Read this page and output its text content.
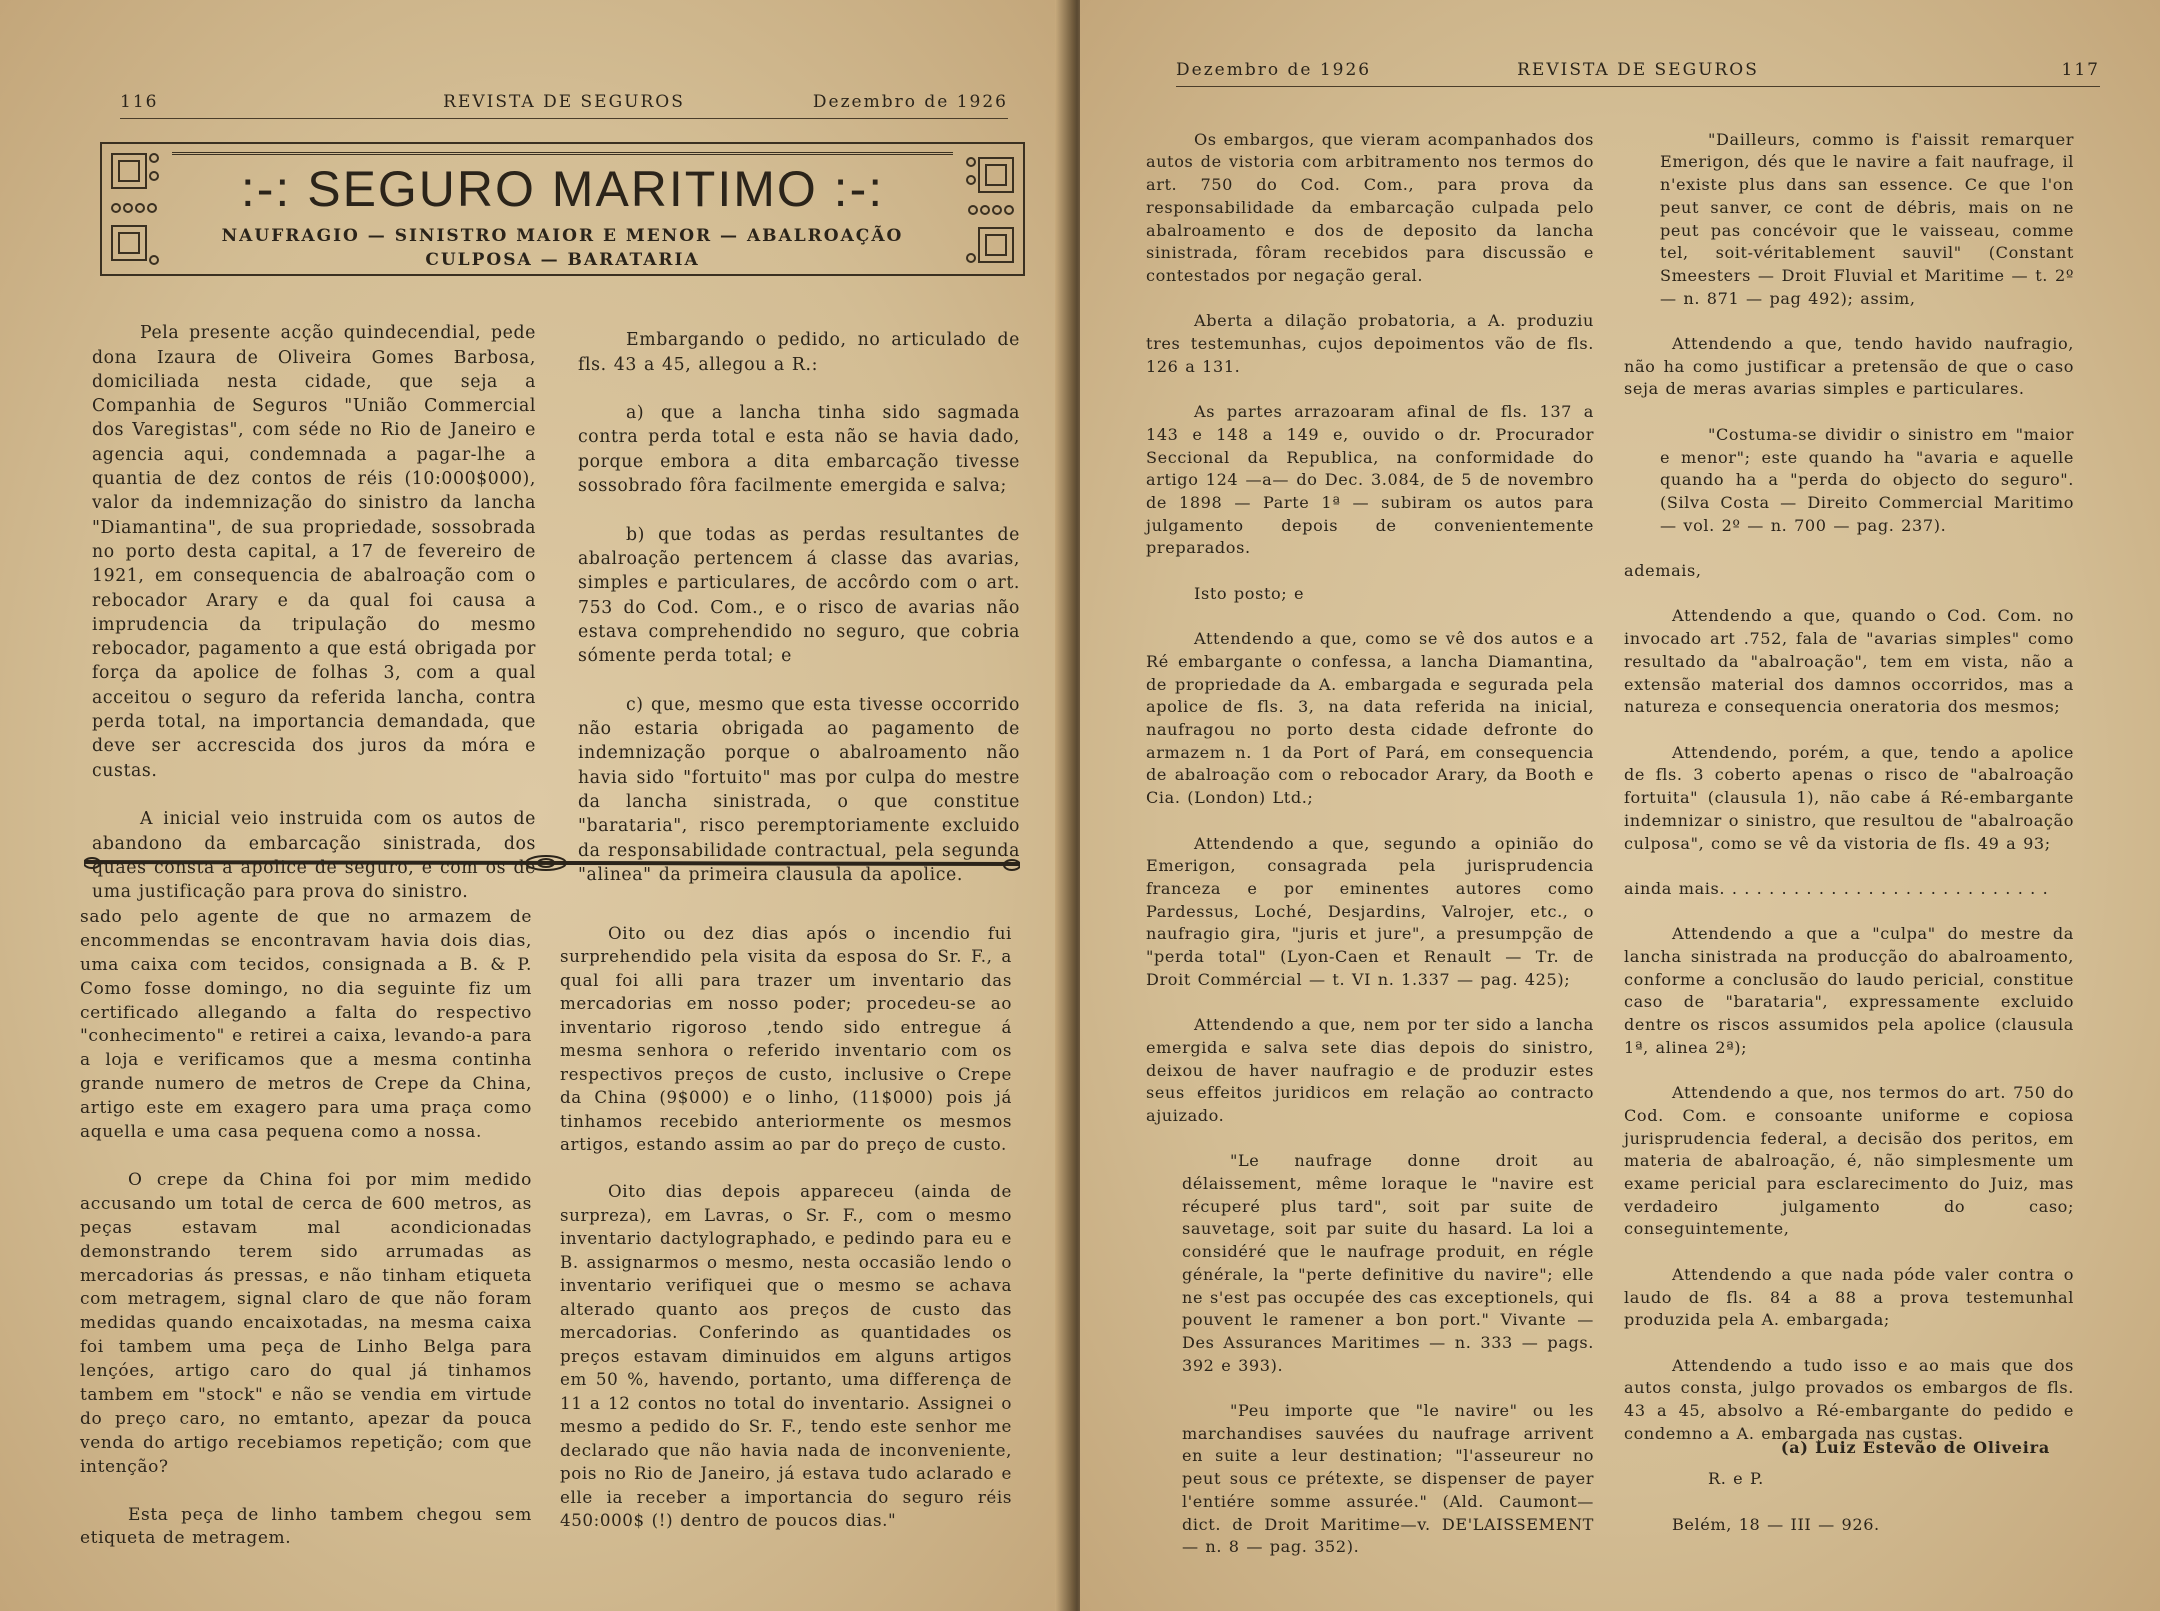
116	REVISTA DE SEGUROS	Dezembro de 1926
:-: SEGURO MARITIMO :-:
NAUFRAGIO — SINISTRO MAIOR E MENOR — ABALROAÇÃO
CULPOSA — BARATARIA

Pela presente acção quindecendial, pede dona Izaura de Oliveira Gomes Barbosa, domiciliada nesta cidade, que seja a Companhia de Seguros "União Commercial dos Varegistas", com séde no Rio de Janeiro e agencia aqui, condemnada a pagar-lhe a quantia de dez contos de réis (10:000$000), valor da indemnização do sinistro da lancha "Diamantina", de sua propriedade, sossobrada no porto desta capital, a 17 de fevereiro de 1921, em consequencia de abalroação com o rebocador Arary e da qual foi causa a imprudencia da tripulação do mesmo rebocador, pagamento a que está obrigada por força da apolice de folhas 3, com a qual acceitou o seguro da referida lancha, contra perda total, na importancia demandada, que deve ser accrescida dos juros da móra e custas.

A inicial veio instruida com os autos de abandono da embarcação sinistrada, dos quaes consta a apolice de seguro, e com os de uma justificação para prova do sinistro.

Embargando o pedido, no articulado de fls. 43 a 45, allegou a R.:

a) que a lancha tinha sido sagmada contra perda total e esta não se havia dado, porque embora a dita embarcação tivesse sossobrado fôra facilmente emergida e salva;

b) que todas as perdas resultantes de abalroação pertencem á classe das avarias, simples e particulares, de accôrdo com o art. 753 do Cod. Com., e o risco de avarias não estava comprehendido no seguro, que cobria sómente perda total; e

c) que, mesmo que esta tivesse occorrido não estaria obrigada ao pagamento de indemnização porque o abalroamento não havia sido "fortuito" mas por culpa do mestre da lancha sinistrada, o que constitue "barataria", risco peremptoriamente excluido da responsabilidade contractual, pela segunda "alinea" da primeira clausula da apolice.

sado pelo agente de que no armazem de encommendas se encontravam havia dois dias, uma caixa com tecidos, consignada a B. & P. Como fosse domingo, no dia seguinte fiz um certificado allegando a falta do respectivo "conhecimento" e retirei a caixa, levando-a para a loja e verificamos que a mesma continha grande numero de metros de Crepe da China, artigo este em exagero para uma praça como aquella e uma casa pequena como a nossa.

O crepe da China foi por mim medido accusando um total de cerca de 600 metros, as peças estavam mal acondicionadas demonstrando terem sido arrumadas as mercadorias ás pressas, e não tinham etiqueta com metragem, signal claro de que não foram medidas quando encaixotadas, na mesma caixa foi tambem uma peça de Linho Belga para lençóes, artigo caro do qual já tinhamos tambem em "stock" e não se vendia em virtude do preço caro, no emtanto, apezar da pouca venda do artigo recebiamos repetição; com que intenção?

Esta peça de linho tambem chegou sem etiqueta de metragem.

Oito ou dez dias após o incendio fui surprehendido pela visita da esposa do Sr. F., a qual foi alli para trazer um inventario das mercadorias em nosso poder; procedeu-se ao inventario rigoroso ,tendo sido entregue á mesma senhora o referido inventario com os respectivos preços de custo, inclusive o Crepe da China (9$000) e o linho, (11$000) pois já tinhamos recebido anteriormente os mesmos artigos, estando assim ao par do preço de custo.

Oito dias depois appareceu (ainda de surpreza), em Lavras, o Sr. F., com o mesmo inventario dactylographado, e pedindo para eu e B. assignarmos o mesmo, nesta occasião lendo o inventario verifiquei que o mesmo se achava alterado quanto aos preços de custo das mercadorias. Conferindo as quantidades os preços estavam diminuidos em alguns artigos em 50 %, havendo, portanto, uma differença de 11 a 12 contos no total do inventario. Assignei o mesmo a pedido do Sr. F., tendo este senhor me declarado que não havia nada de inconveniente, pois no Rio de Janeiro, já estava tudo aclarado e elle ia receber a importancia do seguro réis 450:000$ (!) dentro de poucos dias."

Dezembro de 1926	REVISTA DE SEGUROS	117

Os embargos, que vieram acompanhados dos autos de vistoria com arbitramento nos termos do art. 750 do Cod. Com., para prova da responsabilidade da embarcação culpada pelo abalroamento e dos de deposito da lancha sinistrada, fôram recebidos para discussão e contestados por negação geral.

Aberta a dilação probatoria, a A. produziu tres testemunhas, cujos depoimentos vão de fls. 126 a 131.

As partes arrazoaram afinal de fls. 137 a 143 e 148 a 149 e, ouvido o dr. Procurador Seccional da Republica, na conformidade do artigo 124 —a— do Dec. 3.084, de 5 de novembro de 1898 — Parte 1ª — subiram os autos para julgamento depois de convenientemente preparados.

Isto posto; e

Attendendo a que, como se vê dos autos e a Ré embargante o confessa, a lancha Diamantina, de propriedade da A. embargada e segurada pela apolice de fls. 3, na data referida na inicial, naufragou no porto desta cidade defronte do armazem n. 1 da Port of Pará, em consequencia de abalroação com o rebocador Arary, da Booth e Cia. (London) Ltd.;

Attendendo a que, segundo a opinião do Emerigon, consagrada pela jurisprudencia franceza e por eminentes autores como Pardessus, Loché, Desjardins, Valrojer, etc., o naufragio gira, "juris et jure", a presumpção de "perda total" (Lyon-Caen et Renault — Tr. de Droit Commércial — t. VI n. 1.337 — pag. 425);

Attendendo a que, nem por ter sido a lancha emergida e salva sete dias depois do sinistro, deixou de haver naufragio e de produzir estes seus effeitos juridicos em relação ao contracto ajuizado.

"Le naufrage donne droit au délaissement, même loraque le "navire est récuperé plus tard", soit par suite de sauvetage, soit par suite du hasard. La loi a considéré que le naufrage produit, en régle générale, la "perte definitive du navire"; elle ne s'est pas occupée des cas exceptionels, qui pouvent le ramener a bon port." Vivante — Des Assurances Maritimes — n. 333 — pags. 392 e 393).

"Peu importe que "le navire" ou les marchandises sauvées du naufrage arrivent en suite a leur destination; "l'asseureur no peut sous ce prétexte, se dispenser de payer l'entiére somme assurée." (Ald. Caumont—dict. de Droit Maritime—v. DE'LAISSEMENT — n. 8 — pag. 352).

"Dailleurs, commo is f'aissit remarquer Emerigon, dés que le navire a fait naufrage, il n'existe plus dans san essence. Ce que l'on peut sanver, ce cont de débris, mais on ne peut pas concévoir que le vaisseau, comme tel, soit-véritablement sauvil" (Constant Smeesters — Droit Fluvial et Maritime — t. 2º — n. 871 — pag 492); assim,

Attendendo a que, tendo havido naufragio, não ha como justificar a pretensão de que o caso seja de meras avarias simples e particulares.

"Costuma-se dividir o sinistro em "maior e menor"; este quando ha "avaria e aquelle quando ha a "perda do objecto do seguro". (Silva Costa — Direito Commercial Maritimo — vol. 2º — n. 700 — pag. 237).

ademais,

Attendendo a que, quando o Cod. Com. no invocado art .752, fala de "avarias simples" como resultado da "abalroação", tem em vista, não a extensão material dos damnos occorridos, mas a natureza e consequencia oneratoria dos mesmos;

Attendendo, porém, a que, tendo a apolice de fls. 3 coberto apenas o risco de "abalroação fortuita" (clausula 1), não cabe á Ré-embargante indemnizar o sinistro, que resultou de "abalroação culposa", como se vê da vistoria de fls. 49 a 93;

ainda mais. . . . . . . . . . . . . . . . . . . . . . . . . . .

Attendendo a que a "culpa" do mestre da lancha sinistrada na producção do abalroamento, conforme a conclusão do laudo pericial, constitue caso de "barataria", expressamente excluido dentre os riscos assumidos pela apolice (clausula 1ª, alinea 2ª);

Attendendo a que, nos termos do art. 750 do Cod. Com. e consoante uniforme e copiosa jurisprudencia federal, a decisão dos peritos, em materia de abalroação, é, não simplesmente um exame pericial para esclarecimento do Juiz, mas verdadeiro julgamento do caso; conseguintemente,

Attendendo a que nada póde valer contra o laudo de fls. 84 a 88 a prova testemunhal produzida pela A. embargada;

Attendendo a tudo isso e ao mais que dos autos consta, julgo provados os embargos de fls. 43 a 45, absolvo a Ré-embargante do pedido e condemno a A. embargada nas custas.

R. e P.

Belém, 18 — III — 926.

(a) Luiz Estevão de Oliveira
